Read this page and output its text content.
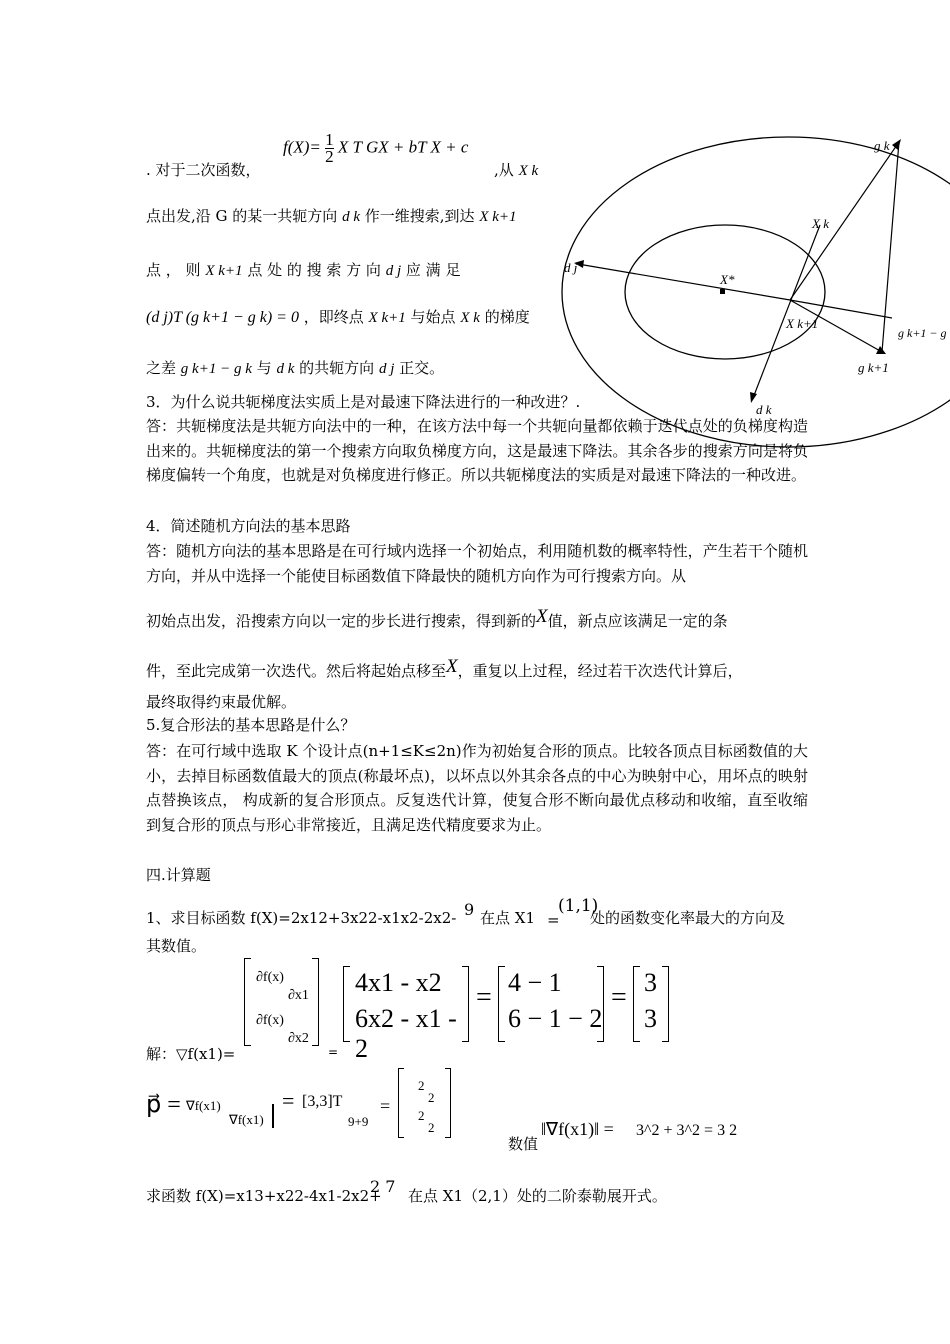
$f(X)= \frac{1}{2}$ X T GX + bT X + c
. 对于二次函数，	,从 X k
点出发,沿 G 的某一共轭方向 d k 作一维搜索,到达 X k+1
点 ， 则 X k+1 点 处 的 搜 索 方 向 d j 应 满 足
(d j)T (g k+1 − g k) = 0 ，即终点 X k+1 与始点 X k 的梯度
之差 g k+1 − g k 与 d k 的共轭方向 d j 正交。
g k
X k
d j
X*
X k+1
g k+1 − g
g k+1
d k
3．为什么说共轭梯度法实质上是对最速下降法进行的一种改进？.
答：共轭梯度法是共轭方向法中的一种，在该方法中每一个共轭向量都依赖于迭代点处的负梯度构造出来的。共轭梯度法的第一个搜索方向取负梯度方向，这是最速下降法。其余各步的搜索方向是将负梯度偏转一个角度，也就是对负梯度进行修正。所以共轭梯度法的实质是对最速下降法的一种改进。
4．简述随机方向法的基本思路
答：随机方向法的基本思路是在可行域内选择一个初始点，利用随机数的概率特性，产生若干个随机方向，并从中选择一个能使目标函数值下降最快的随机方向作为可行搜索方向。从
初始点出发，沿搜索方向以一定的步长进行搜索，得到新的X值，新点应该满足一定的条
件，至此完成第一次迭代。然后将起始点移至X，重复以上过程，经过若干次迭代计算后，
最终取得约束最优解。
5.复合形法的基本思路是什么？
答：在可行域中选取 K 个设计点(n+1≤K≤2n)作为初始复合形的顶点。比较各顶点目标函数值的大小，去掉目标函数值最大的顶点(称最坏点)，以坏点以外其余各点的中心为映射中心，用坏点的映射点替换该点， 构成新的复合形顶点。反复迭代计算，使复合形不断向最优点移动和收缩，直至收缩到复合形的顶点与形心非常接近，且满足迭代精度要求为止。
四.计算题
1、求目标函数 f(X)=2x12+3x22-x1x2-2x2- 9 在点 X1 =
(1,1)
处的函数变化率最大的方向及
其数值。
解：▽f(x1)=
∂f(x)
∂x1
∂f(x)
∂x2
=
4x1 - x2
6x2 - x1 - 2
= 4 − 1
6 − 1 − 2
= 3
3
p⃗ = ∇f(x1)
∇f(x1)
= [3,3]T
9+9
=
2
2
2
2
数值
‖∇f(x1)‖ = 3^2 + 3^2 = 3 2
求函数 f(X)=x13+x22-4x1-2x2+
2 7 在点 X1（2,1）处的二阶泰勒展开式。
